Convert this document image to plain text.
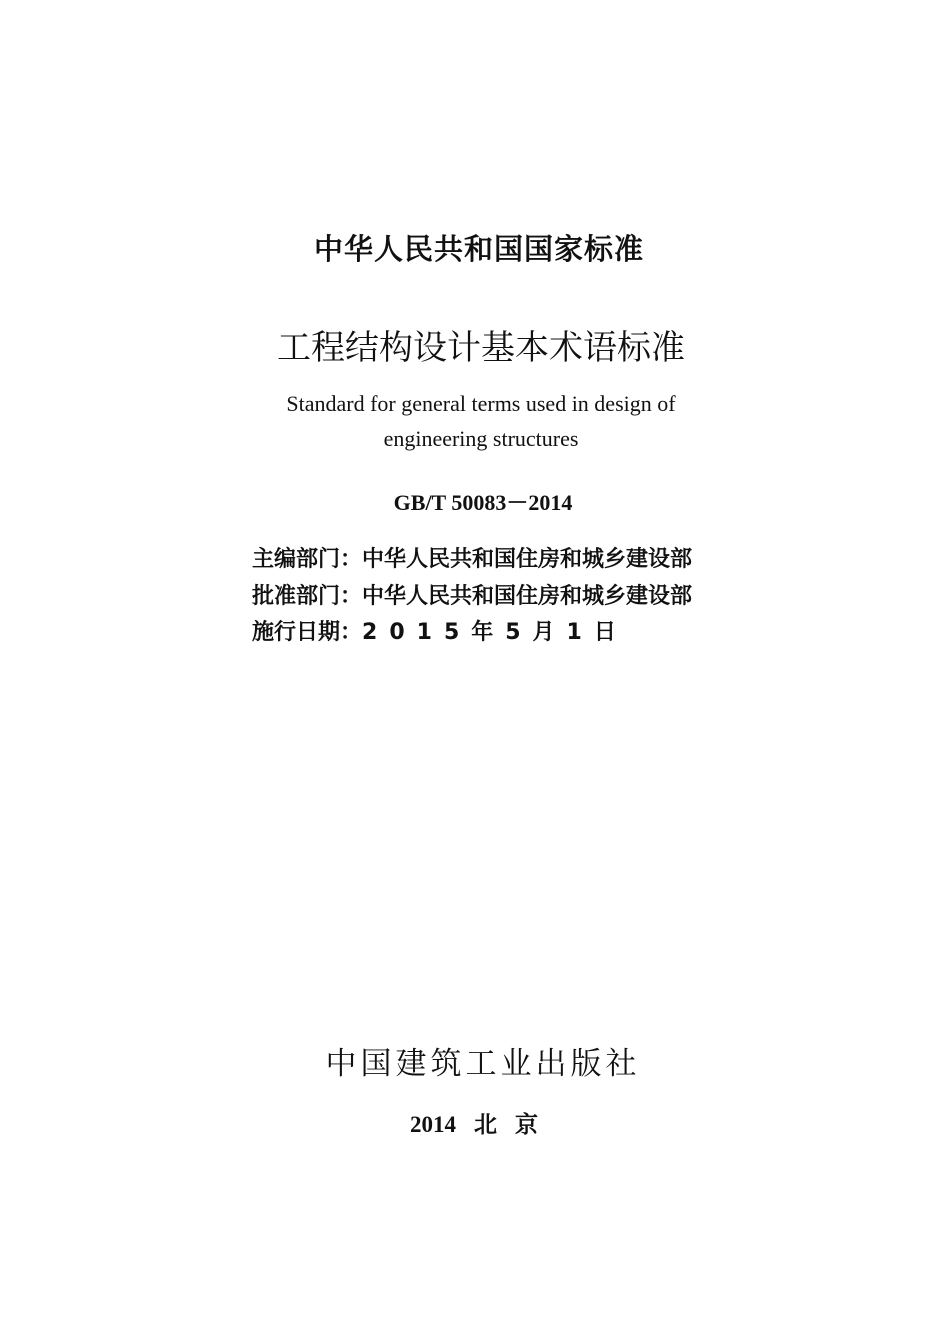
中华人民共和国国家标准
工程结构设计基本术语标准
Standard for general terms used in design of
engineering structures
GB/T 50083－2014
主编部门：中华人民共和国住房和城乡建设部
批准部门：中华人民共和国住房和城乡建设部
施行日期：2015年5月1日
中国建筑工业出版社
2014 北京
